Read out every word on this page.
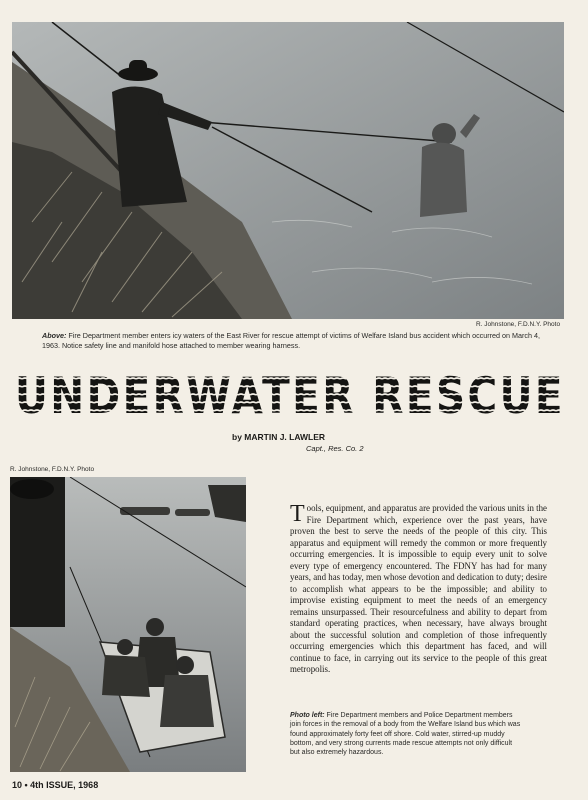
R. Johnstone, F.D.N.Y. Photo
Above: Fire Department member enters icy waters of the East River for rescue attempt of victims of Welfare Island bus accident which occurred on March 4, 1963. Notice safety line and manifold hose attached to member wearing harness.
UNDERWATER RESCUE
by MARTIN J. LAWLER
Capt., Res. Co. 2
R. Johnstone, F.D.N.Y. Photo
Tools, equipment, and apparatus are provided the various units in the Fire Department which, experience over the past years, have proven the best to serve the needs of the people of this city. This apparatus and equipment will remedy the common or more frequently occurring emergencies. It is impossible to equip every unit to solve every type of emergency encountered. The FDNY has had for many years, and has today, men whose devotion and dedication to duty; desire to accomplish what appears to be the impossible; and ability to improvise existing equipment to meet the needs of an emergency remains unsurpassed. Their resourcefulness and ability to depart from standard operating practices, when necessary, have always brought about the successful solution and completion of those infrequently occurring emergencies which this department has faced, and will continue to face, in carrying out its service to the people of this great metropolis.
Photo left: Fire Department members and Police Department members join forces in the removal of a body from the Welfare Island bus which was found approximately forty feet off shore. Cold water, stirred-up muddy bottom, and very strong currents made rescue attempts not only difficult but also extremely hazardous.
10 • 4th ISSUE, 1968
